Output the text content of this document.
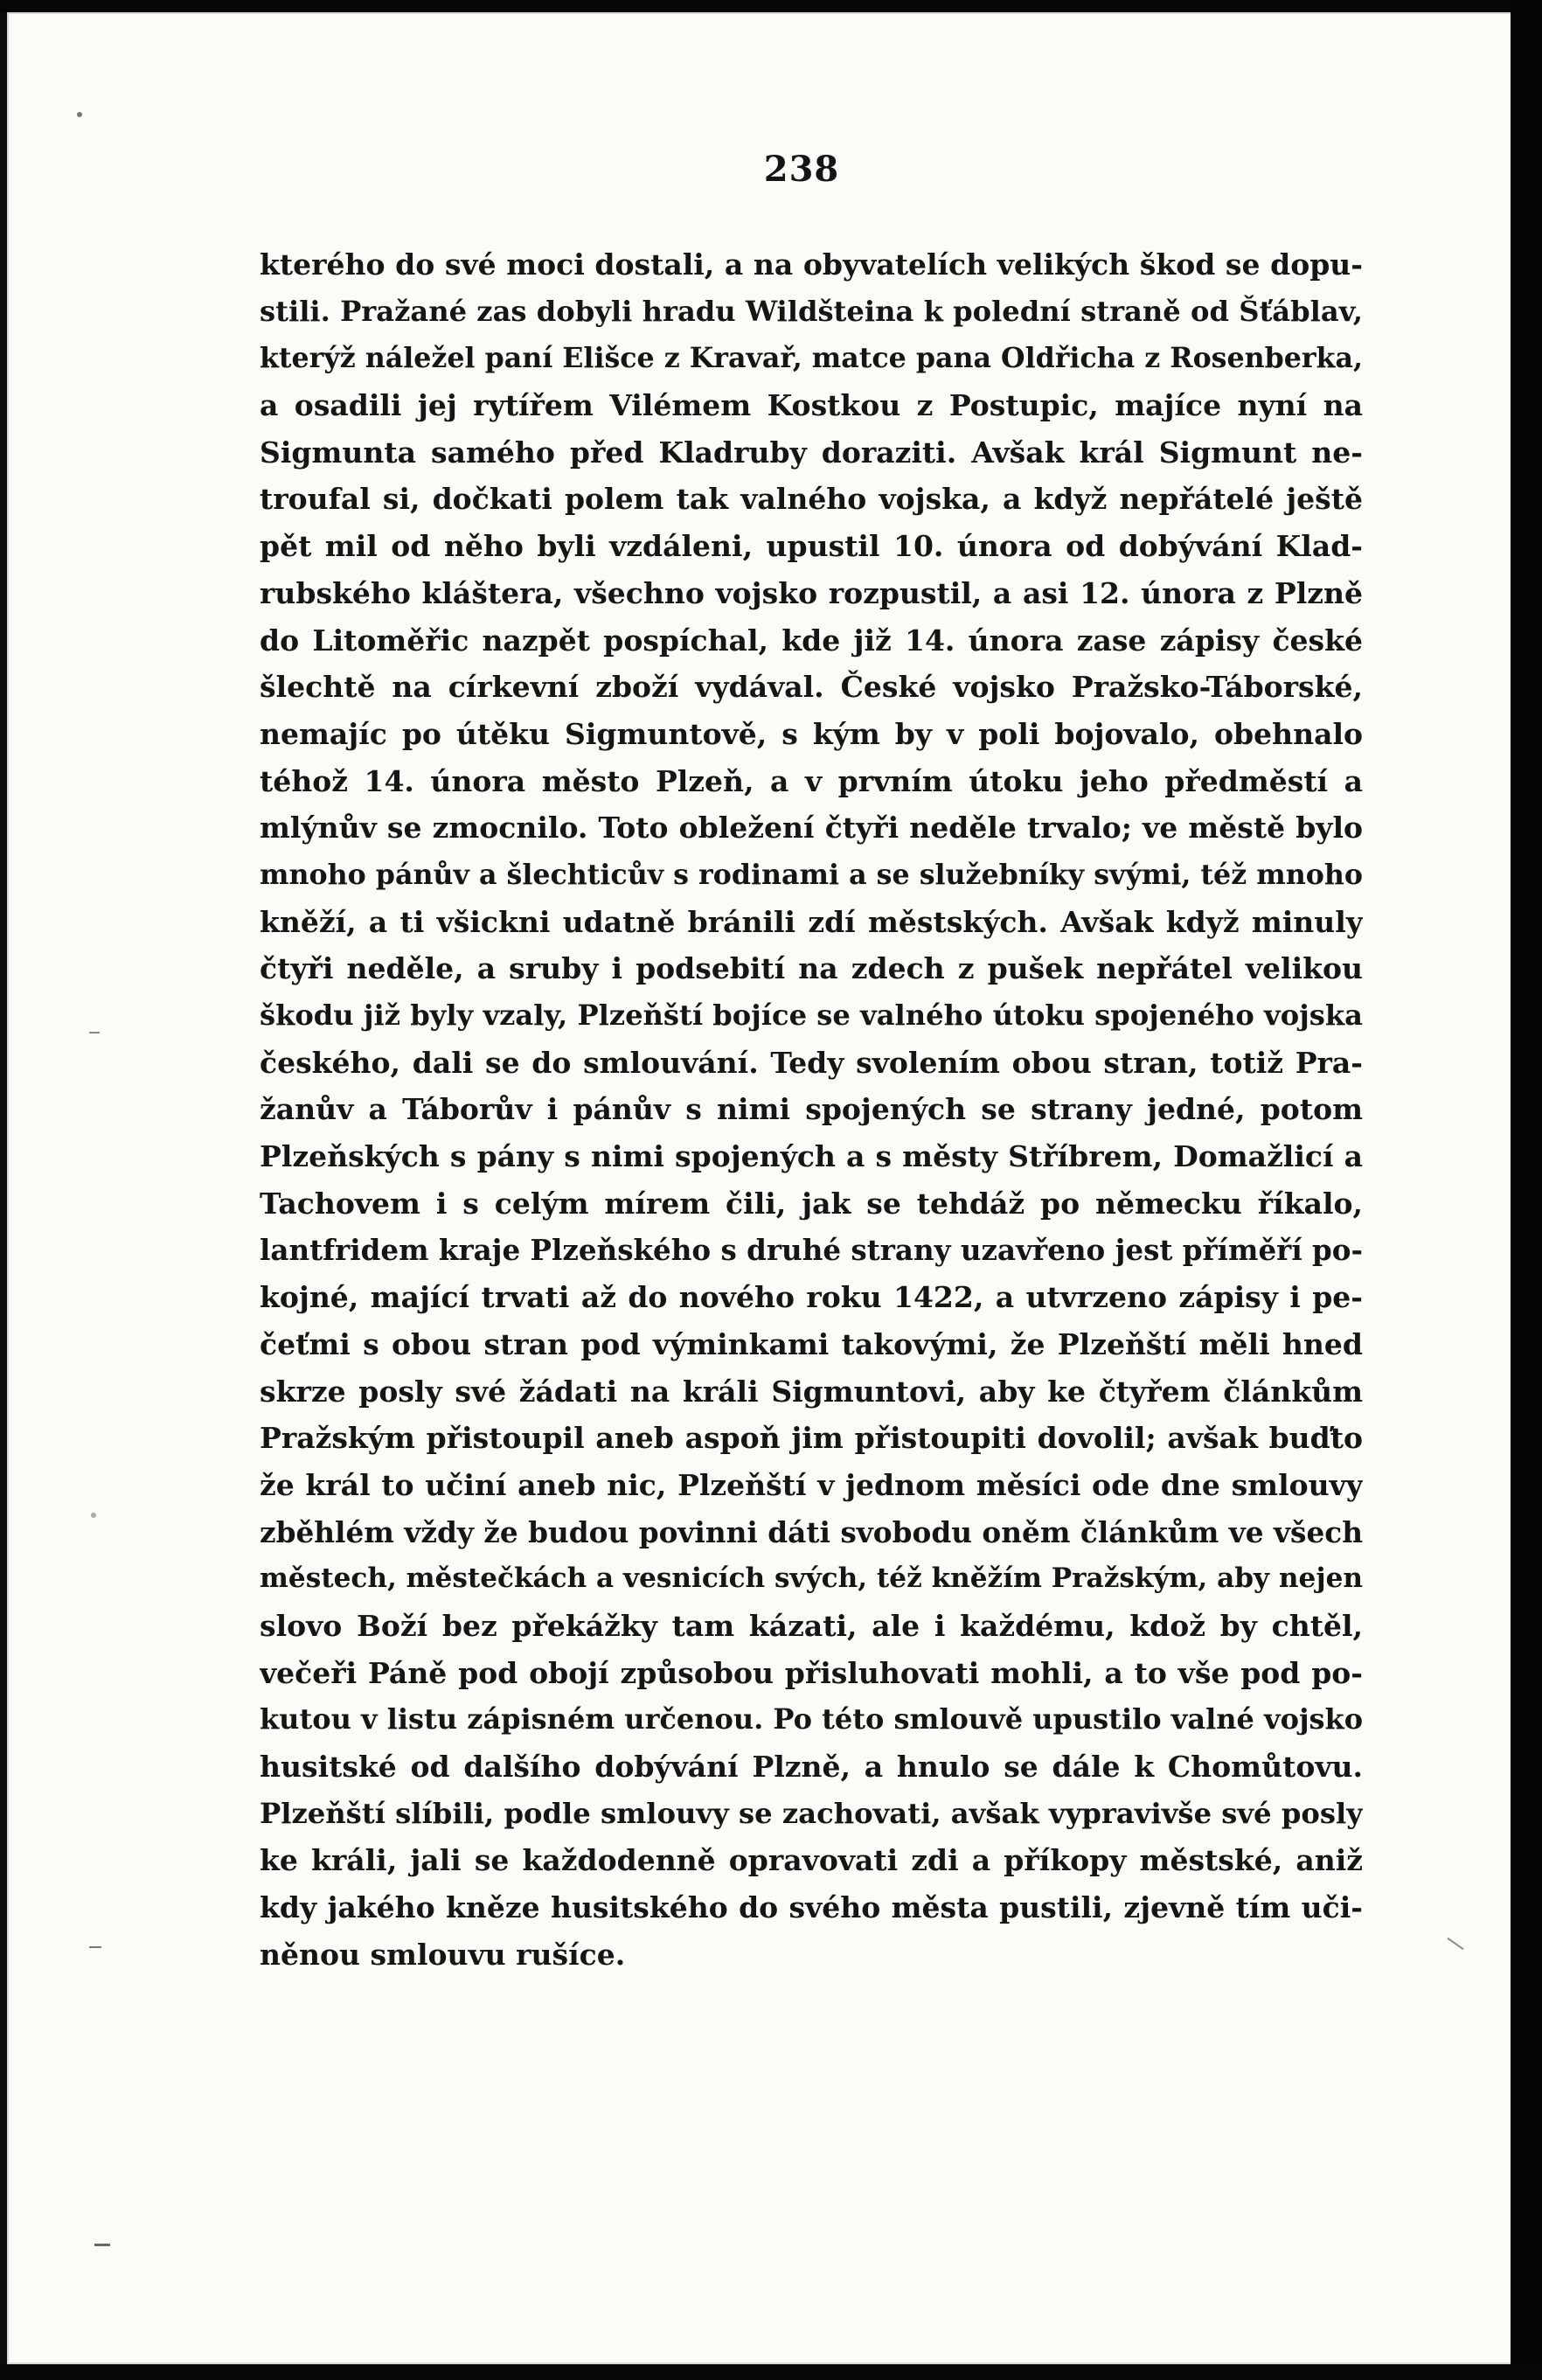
238
kterého do své moci dostali, a na obyvatelích velikých škod se dopu-
stili. Pražané zas dobyli hradu Wildšteina k polední straně od Šťáblav,
kterýž náležel paní Elišce z Kravař, matce pana Oldřicha z Rosenberka,
a osadili jej rytířem Vilémem Kostkou z Postupic, majíce nyní na
Sigmunta samého před Kladruby doraziti. Avšak král Sigmunt ne-
troufal si, dočkati polem tak valného vojska, a když nepřátelé ještě
pět mil od něho byli vzdáleni, upustil 10. února od dobývání Klad-
rubského kláštera, všechno vojsko rozpustil, a asi 12. února z Plzně
do Litoměřic nazpět pospíchal, kde již 14. února zase zápisy české
šlechtě na církevní zboží vydával. České vojsko Pražsko-Táborské,
nemajíc po útěku Sigmuntově, s kým by v poli bojovalo, obehnalo
téhož 14. února město Plzeň, a v prvním útoku jeho předměstí a
mlýnův se zmocnilo. Toto obležení čtyři neděle trvalo; ve městě bylo
mnoho pánův a šlechticův s rodinami a se služebníky svými, též mnoho
kněží, a ti všickni udatně bránili zdí městských. Avšak když minuly
čtyři neděle, a sruby i podsebití na zdech z pušek nepřátel velikou
škodu již byly vzaly, Plzeňští bojíce se valného útoku spojeného vojska
českého, dali se do smlouvání. Tedy svolením obou stran, totiž Pra-
žanův a Táborův i pánův s nimi spojených se strany jedné, potom
Plzeňských s pány s nimi spojených a s městy Stříbrem, Domažlicí a
Tachovem i s celým mírem čili, jak se tehdáž po německu říkalo,
lantfridem kraje Plzeňského s druhé strany uzavřeno jest příměří po-
kojné, mající trvati až do nového roku 1422, a utvrzeno zápisy i pe-
čeťmi s obou stran pod výminkami takovými, že Plzeňští měli hned
skrze posly své žádati na králi Sigmuntovi, aby ke čtyřem článkům
Pražským přistoupil aneb aspoň jim přistoupiti dovolil; avšak buďto
že král to učiní aneb nic, Plzeňští v jednom měsíci ode dne smlouvy
zběhlém vždy že budou povinni dáti svobodu oněm článkům ve všech
městech, městečkách a vesnicích svých, též kněžím Pražským, aby nejen
slovo Boží bez překážky tam kázati, ale i každému, kdož by chtěl,
večeři Páně pod obojí způsobou přisluhovati mohli, a to vše pod po-
kutou v listu zápisném určenou. Po této smlouvě upustilo valné vojsko
husitské od dalšího dobývání Plzně, a hnulo se dále k Chomůtovu.
Plzeňští slíbili, podle smlouvy se zachovati, avšak vypravivše své posly
ke králi, jali se každodenně opravovati zdi a příkopy městské, aniž
kdy jakého kněze husitského do svého města pustili, zjevně tím uči-
něnou smlouvu rušíce.
